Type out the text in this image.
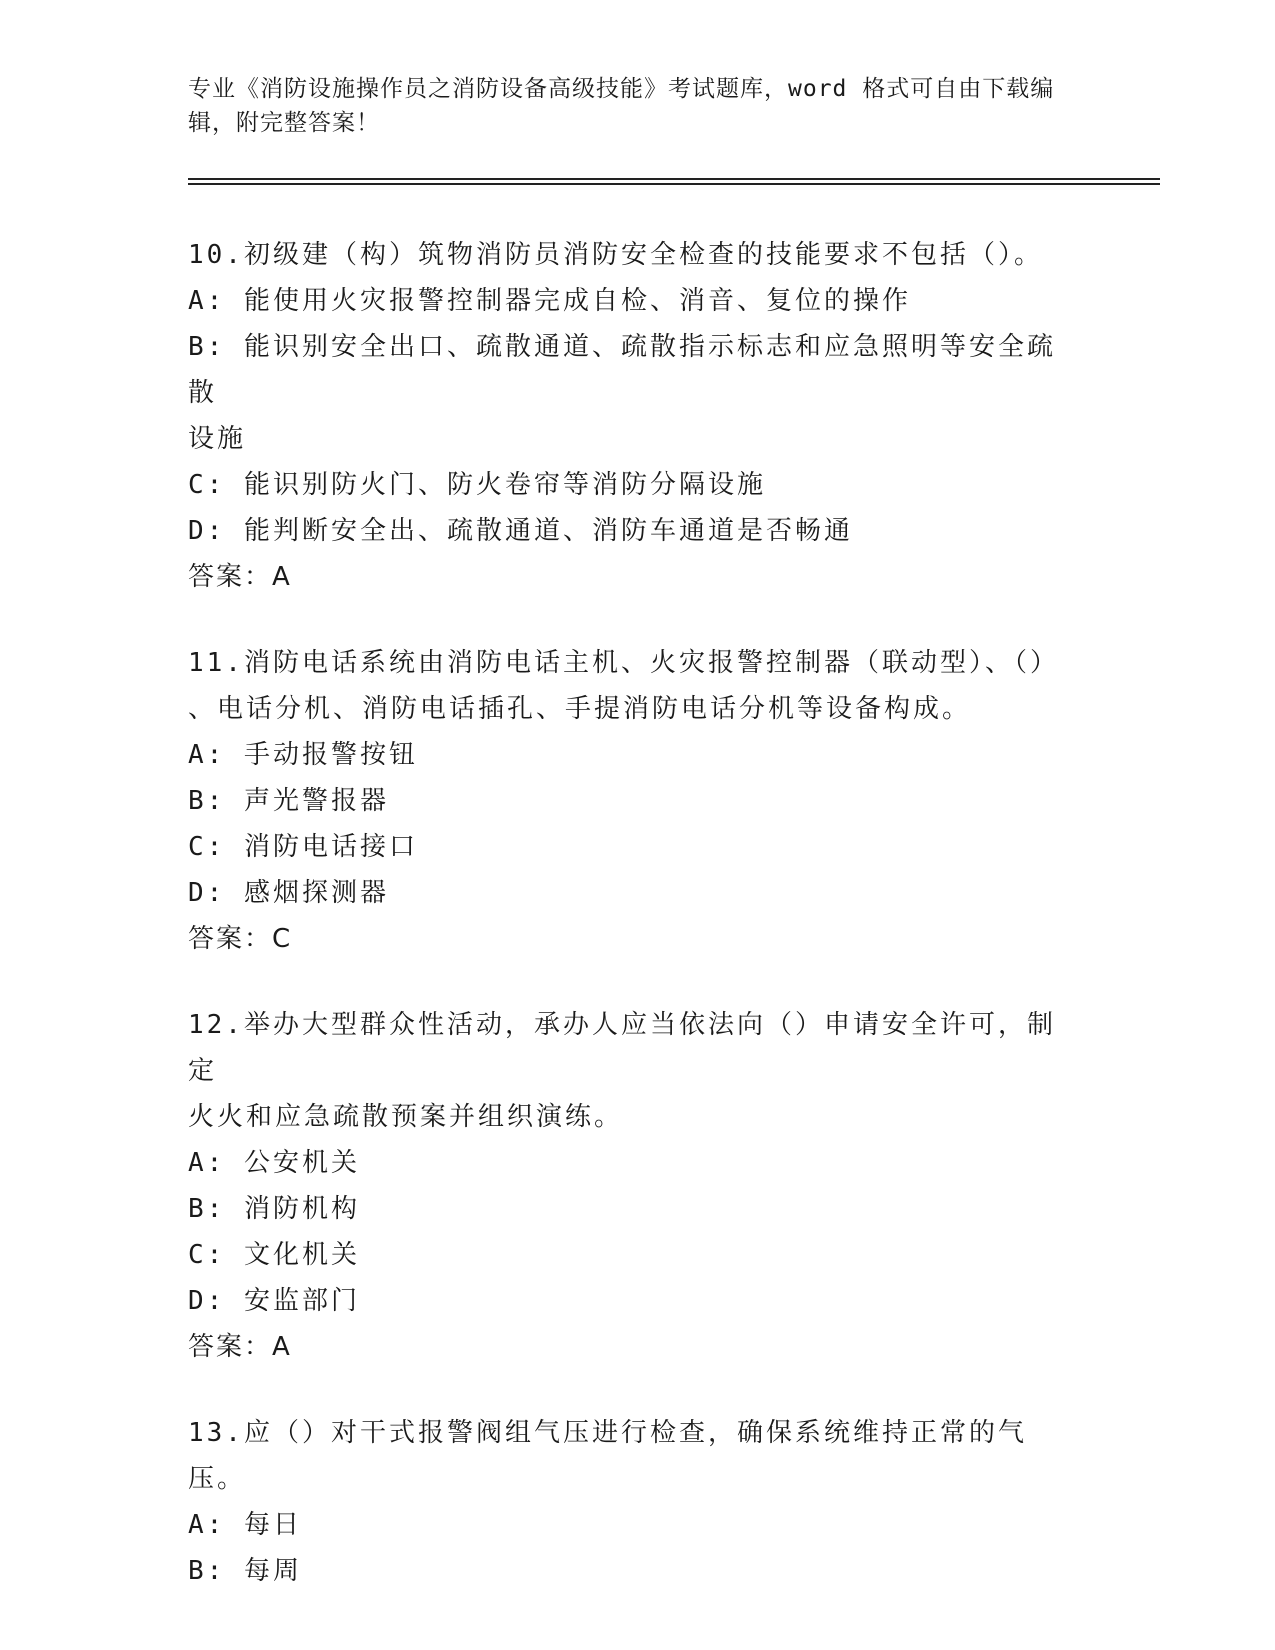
专业《消防设施操作员之消防设备高级技能》考试题库，word 格式可自由下载编
辑，附完整答案！
10.初级建（构）筑物消防员消防安全检查的技能要求不包括（）。
A: 能使用火灾报警控制器完成自检、消音、复位的操作
B: 能识别安全出口、疏散通道、疏散指示标志和应急照明等安全疏散
设施
C: 能识别防火门、防火卷帘等消防分隔设施
D: 能判断安全出、疏散通道、消防车通道是否畅通
答案：A
11.消防电话系统由消防电话主机、火灾报警控制器（联动型）、（）
、电话分机、消防电话插孔、手提消防电话分机等设备构成。
A: 手动报警按钮
B: 声光警报器
C: 消防电话接口
D: 感烟探测器
答案：C
12.举办大型群众性活动，承办人应当依法向（）申请安全许可，制定
火火和应急疏散预案并组织演练。
A: 公安机关
B: 消防机构
C: 文化机关
D: 安监部门
答案：A
13.应（）对干式报警阀组气压进行检查，确保系统维持正常的气压。
A: 每日
B: 每周
